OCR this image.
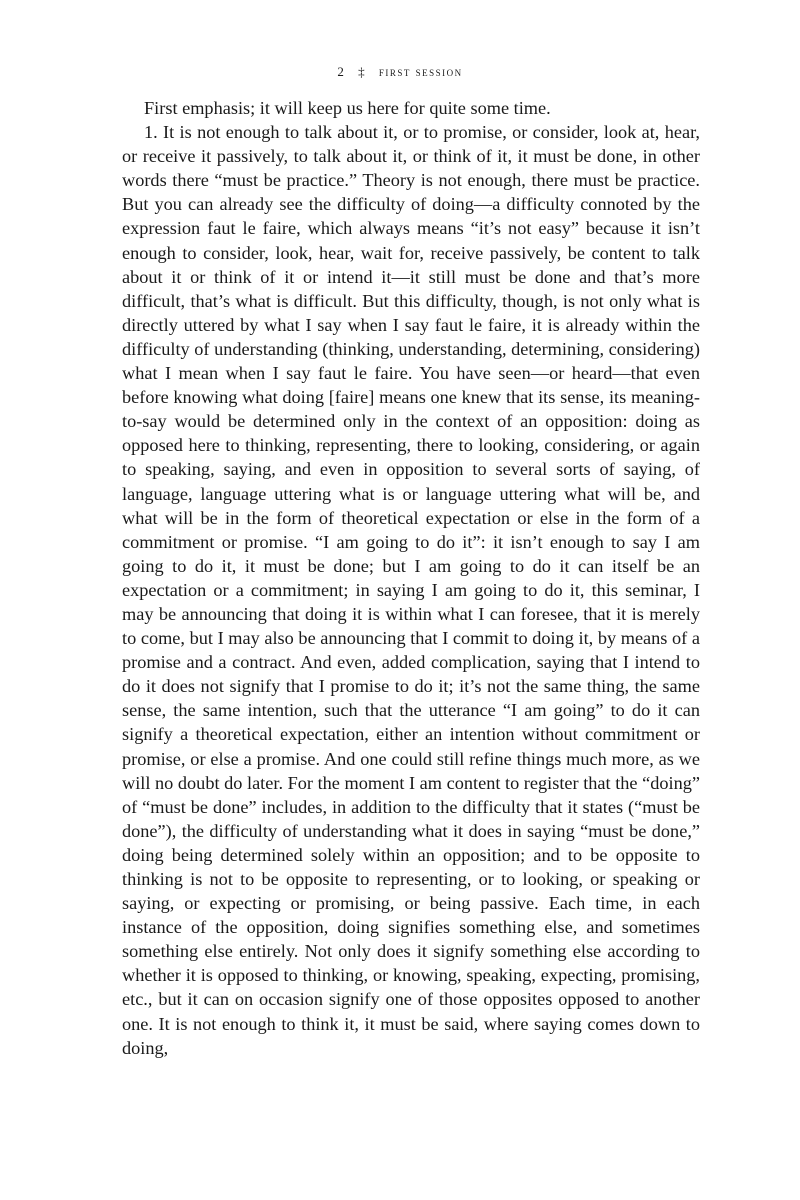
2 ‡ first session

First emphasis; it will keep us here for quite some time.

1. It is not enough to talk about it, or to promise, or consider, look at, hear, or receive it passively, to talk about it, or think of it, it must be done, in other words there “must be practice.” Theory is not enough, there must be practice. But you can already see the difficulty of doing—a difficulty connoted by the expression faut le faire, which always means “it’s not easy” because it isn’t enough to consider, look, hear, wait for, receive passively, be content to talk about it or think of it or intend it—it still must be done and that’s more difficult, that’s what is difficult. But this difficulty, though, is not only what is directly uttered by what I say when I say faut le faire, it is already within the difficulty of understanding (thinking, understanding, determining, considering) what I mean when I say faut le faire. You have seen—or heard—that even before knowing what doing [faire] means one knew that its sense, its meaning-to-say would be determined only in the context of an opposition: doing as opposed here to thinking, representing, there to looking, considering, or again to speaking, saying, and even in opposition to several sorts of saying, of language, language uttering what is or language uttering what will be, and what will be in the form of theoretical expectation or else in the form of a commitment or promise. “I am going to do it”: it isn’t enough to say I am going to do it, it must be done; but I am going to do it can itself be an expectation or a commitment; in saying I am going to do it, this seminar, I may be announcing that doing it is within what I can foresee, that it is merely to come, but I may also be announcing that I commit to doing it, by means of a promise and a contract. And even, added complication, saying that I intend to do it does not signify that I promise to do it; it’s not the same thing, the same sense, the same intention, such that the utterance “I am going” to do it can signify a theoretical expectation, either an intention without commitment or promise, or else a promise. And one could still refine things much more, as we will no doubt do later. For the moment I am content to register that the “doing” of “must be done” includes, in addition to the difficulty that it states (“must be done”), the difficulty of understanding what it does in saying “must be done,” doing being determined solely within an opposition; and to be opposite to thinking is not to be opposite to representing, or to looking, or speaking or saying, or expecting or promising, or being passive. Each time, in each instance of the opposition, doing signifies something else, and sometimes something else entirely. Not only does it signify something else according to whether it is opposed to thinking, or knowing, speaking, expecting, promising, etc., but it can on occasion signify one of those opposites opposed to another one. It is not enough to think it, it must be said, where saying comes down to doing,
